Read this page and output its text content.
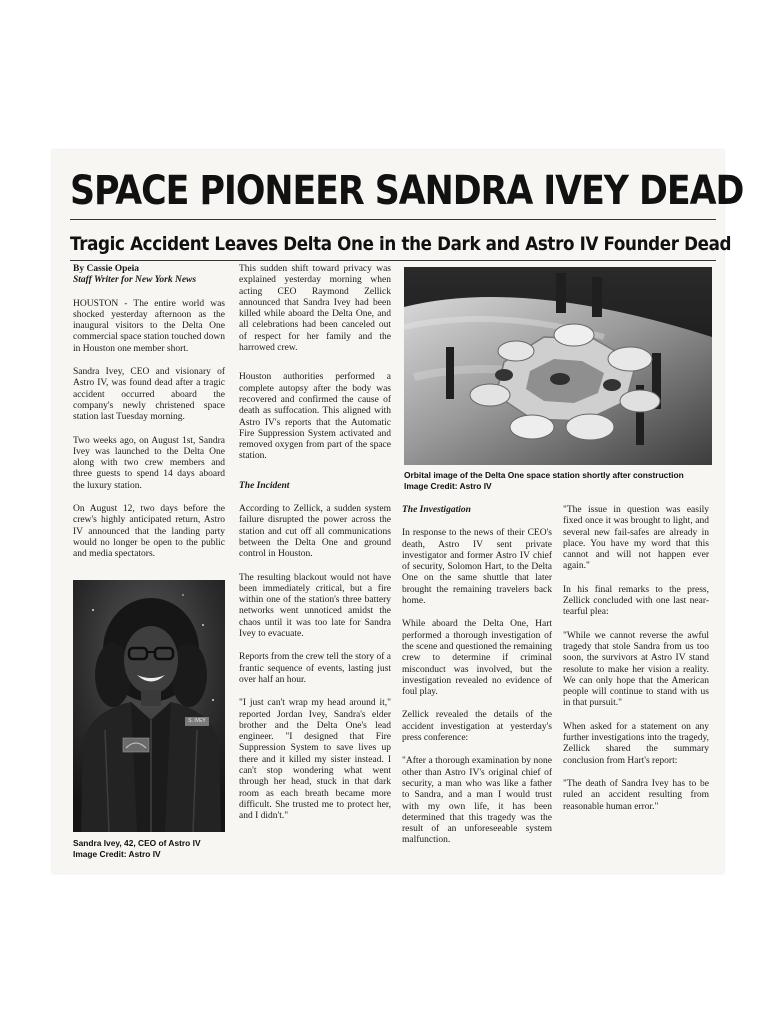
SPACE PIONEER SANDRA IVEY DEAD
Tragic Accident Leaves Delta One in the Dark and Astro IV Founder Dead
By Cassie Opeia
Staff Writer for New York News

HOUSTON - The entire world was shocked yesterday afternoon as the inaugural visitors to the Delta One commercial space station touched down in Houston one member short.

Sandra Ivey, CEO and visionary of Astro IV, was found dead after a tragic accident occurred aboard the company's newly christened space station last Tuesday morning.

Two weeks ago, on August 1st, Sandra Ivey was launched to the Delta One along with two crew members and three guests to spend 14 days aboard the luxury station.

On August 12, two days before the crew's highly anticipated return, Astro IV announced that the landing party would no longer be open to the public and media spectators.

S. IVEY
Sandra Ivey, 42, CEO of Astro IV
Image Credit: Astro IV

This sudden shift toward privacy was explained yesterday morning when acting CEO Raymond Zellick announced that Sandra Ivey had been killed while aboard the Delta One, and all celebrations had been canceled out of respect for her family and the harrowed crew.

Houston authorities performed a complete autopsy after the body was recovered and confirmed the cause of death as suffocation. This aligned with Astro IV's reports that the Automatic Fire Suppression System activated and removed oxygen from part of the space station.

The Incident

According to Zellick, a sudden system failure disrupted the power across the station and cut off all communications between the Delta One and ground control in Houston.

The resulting blackout would not have been immediately critical, but a fire within one of the station's three battery networks went unnoticed amidst the chaos until it was too late for Sandra Ivey to evacuate.

Reports from the crew tell the story of a frantic sequence of events, lasting just over half an hour.

"I just can't wrap my head around it," reported Jordan Ivey, Sandra's elder brother and the Delta One's lead engineer. "I designed that Fire Suppression System to save lives up there and it killed my sister instead. I can't stop wondering what went through her head, stuck in that dark room as each breath became more difficult. She trusted me to protect her, and I didn't."

Orbital image of the Delta One space station shortly after construction
Image Credit: Astro IV
The Investigation

In response to the news of their CEO's death, Astro IV sent private investigator and former Astro IV chief of security, Solomon Hart, to the Delta One on the same shuttle that later brought the remaining travelers back home.

While aboard the Delta One, Hart performed a thorough investigation of the scene and questioned the remaining crew to determine if criminal misconduct was involved, but the investigation revealed no evidence of foul play.

Zellick revealed the details of the accident investigation at yesterday's press conference:

"After a thorough examination by none other than Astro IV's original chief of security, a man who was like a father to Sandra, and a man I would trust with my own life, it has been determined that this tragedy was the result of an unforeseeable system malfunction.

"The issue in question was easily fixed once it was brought to light, and several new fail-safes are already in place. You have my word that this cannot and will not happen ever again."

In his final remarks to the press, Zellick concluded with one last near-tearful plea:

"While we cannot reverse the awful tragedy that stole Sandra from us too soon, the survivors at Astro IV stand resolute to make her vision a reality. We can only hope that the American people will continue to stand with us in that pursuit."

When asked for a statement on any further investigations into the tragedy, Zellick shared the summary conclusion from Hart's report:

"The death of Sandra Ivey has to be ruled an accident resulting from reasonable human error."
